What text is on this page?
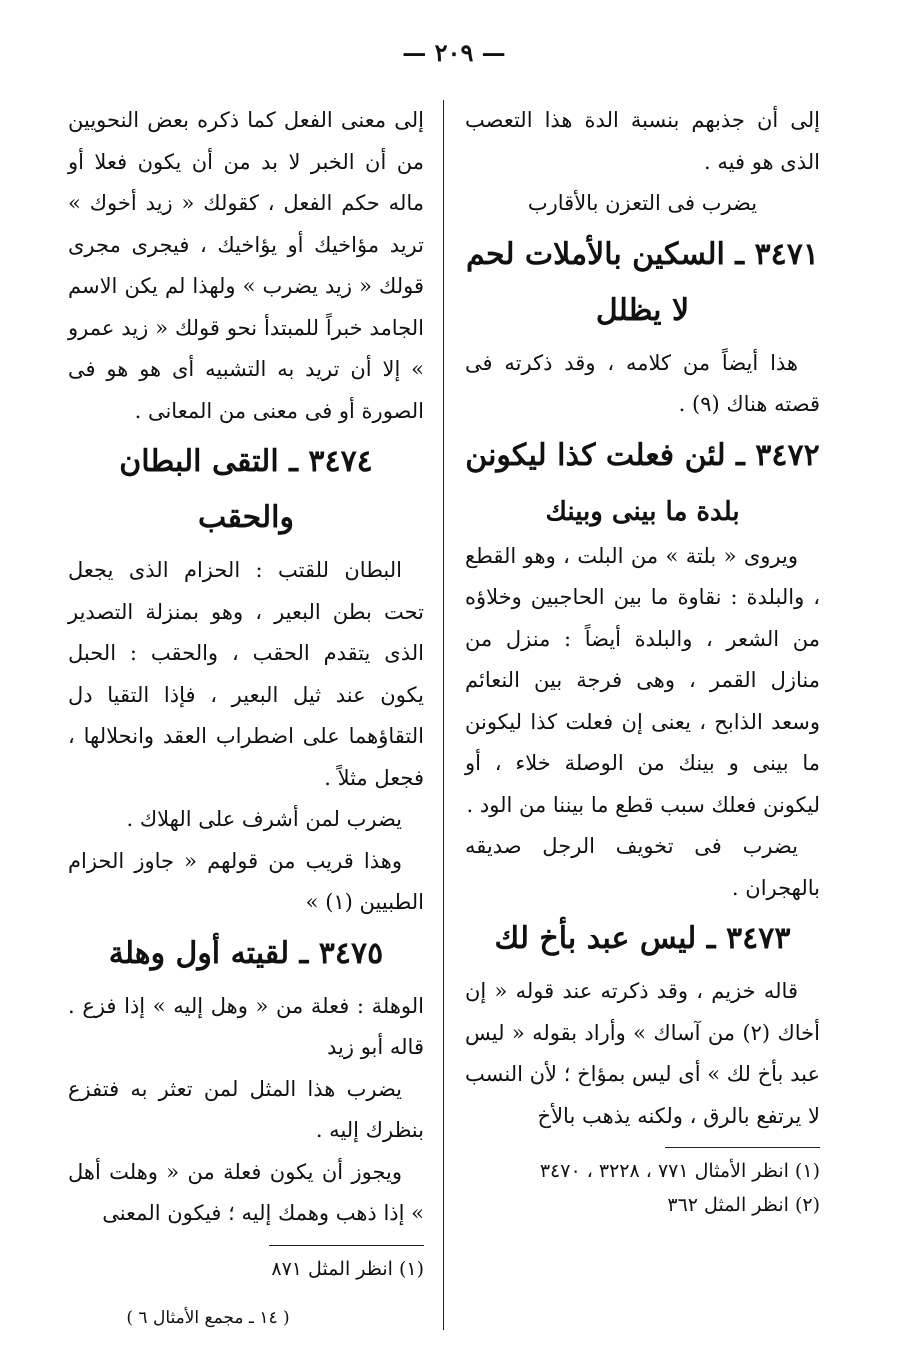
— ٢٠٩ —

إلى أن جذبهم بنسبة الدة هذا التعصب الذى هو فيه .

يضرب فى التعزن بالأقارب

٣٤٧١ ـ السكين بالأملات لحم لا يظلل

هذا أيضاً من كلامه ، وقد ذكرته فى قصته هناك (٩) .

٣٤٧٢ ـ لئن فعلت كذا ليكونن
بلدة ما بينى وبينك

ويروى « بلتة » من البلت ، وهو القطع ، والبلدة : نقاوة ما بين الحاجبين وخلاؤه من الشعر ، والبلدة أيضاً : منزل من منازل القمر ، وهى فرجة بين النعائم وسعد الذابح ، يعنى إن فعلت كذا ليكونن ما بينى و بينك من الوصلة خلاء ، أو ليكونن فعلك سبب قطع ما بيننا من الود .

يضرب فى تخويف الرجل صديقه بالهجران .

٣٤٧٣ ـ ليس عبد بأخ لك

قاله خزيم ، وقد ذكرته عند قوله « إن أخاك (٢) من آساك » وأراد بقوله « ليس عبد بأخ لك » أى ليس بمؤاخ ؛ لأن النسب لا يرتفع بالرق ، ولكنه يذهب بالأخ

(١) انظر الأمثال ٧٧١ ، ٣٢٢٨ ، ٣٤٧٠

(٢) انظر المثل ٣٦٢

إلى معنى الفعل كما ذكره بعض النحويين من أن الخبر لا بد من أن يكون فعلا أو ماله حكم الفعل ، كقولك « زيد أخوك » تريد مؤاخيك أو يؤاخيك ، فيجرى مجرى قولك « زيد يضرب » ولهذا لم يكن الاسم الجامد خبراً للمبتدأ نحو قولك « زيد عمرو » إلا أن تريد به التشبيه أى هو هو فى الصورة أو فى معنى من المعانى .

٣٤٧٤ ـ التقى البطان والحقب

البطان للقتب : الحزام الذى يجعل تحت بطن البعير ، وهو بمنزلة التصدير الذى يتقدم الحقب ، والحقب : الحبل يكون عند ثيل البعير ، فإذا التقيا دل التقاؤهما على اضطراب العقد وانحلالها ، فجعل مثلاً .

يضرب لمن أشرف على الهلاك .

وهذا قريب من قولهم « جاوز الحزام الطبيين (١) »

٣٤٧٥ ـ لقيته أول وهلة

الوهلة : فعلة من « وهل إليه » إذا فزع . قاله أبو زيد

يضرب هذا المثل لمن تعثر به فتفزع بنظرك إليه .

ويجوز أن يكون فعلة من « وهلت أهل » إذا ذهب وهمك إليه ؛ فيكون المعنى

(١) انظر المثل ٨٧١

( ١٤ ـ مجمع الأمثال ٦ )
